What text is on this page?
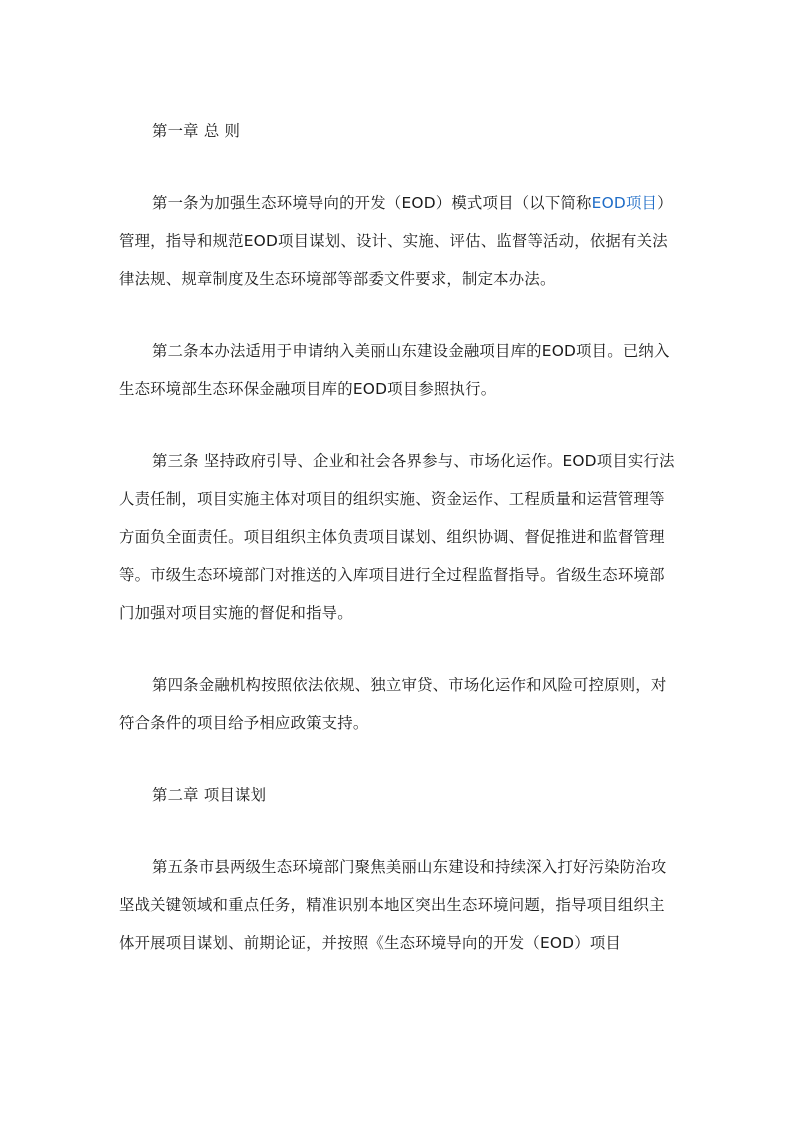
第一章 总 则

第一条为加强生态环境导向的开发（EOD）模式项目（以下简称EOD项目）管理，指导和规范EOD项目谋划、设计、实施、评估、监督等活动，依据有关法律法规、规章制度及生态环境部等部委文件要求，制定本办法。

第二条本办法适用于申请纳入美丽山东建设金融项目库的EOD项目。已纳入生态环境部生态环保金融项目库的EOD项目参照执行。

第三条 坚持政府引导、企业和社会各界参与、市场化运作。EOD项目实行法人责任制，项目实施主体对项目的组织实施、资金运作、工程质量和运营管理等方面负全面责任。项目组织主体负责项目谋划、组织协调、督促推进和监督管理等。市级生态环境部门对推送的入库项目进行全过程监督指导。省级生态环境部门加强对项目实施的督促和指导。

第四条金融机构按照依法依规、独立审贷、市场化运作和风险可控原则，对符合条件的项目给予相应政策支持。

第二章 项目谋划

第五条市县两级生态环境部门聚焦美丽山东建设和持续深入打好污染防治攻坚战关键领域和重点任务，精准识别本地区突出生态环境问题，指导项目组织主体开展项目谋划、前期论证，并按照《生态环境导向的开发（EOD）项目
